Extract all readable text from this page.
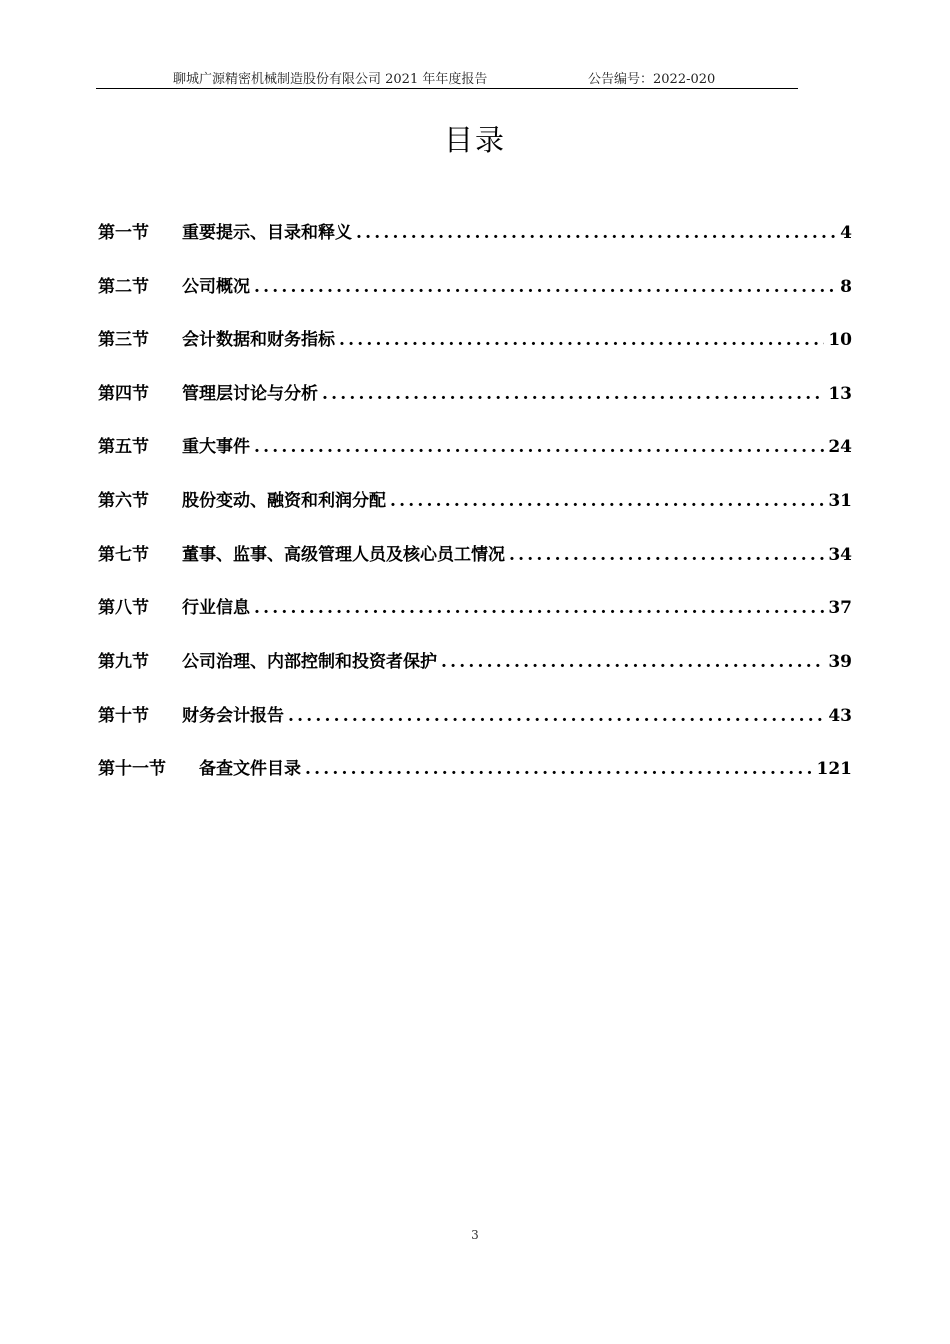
聊城广源精密机械制造股份有限公司 2021 年年度报告	公告编号：2022-020
目录
第一节	重要提示、目录和释义 .....	4
第二节	公司概况 .....	8
第三节	会计数据和财务指标 .....	10
第四节	管理层讨论与分析 .....	13
第五节	重大事件 .....	24
第六节	股份变动、融资和利润分配 .....	31
第七节	董事、监事、高级管理人员及核心员工情况 .....	34
第八节	行业信息 .....	37
第九节	公司治理、内部控制和投资者保护 .....	39
第十节	财务会计报告 .....	43
第十一节	备查文件目录 .....	121
3
